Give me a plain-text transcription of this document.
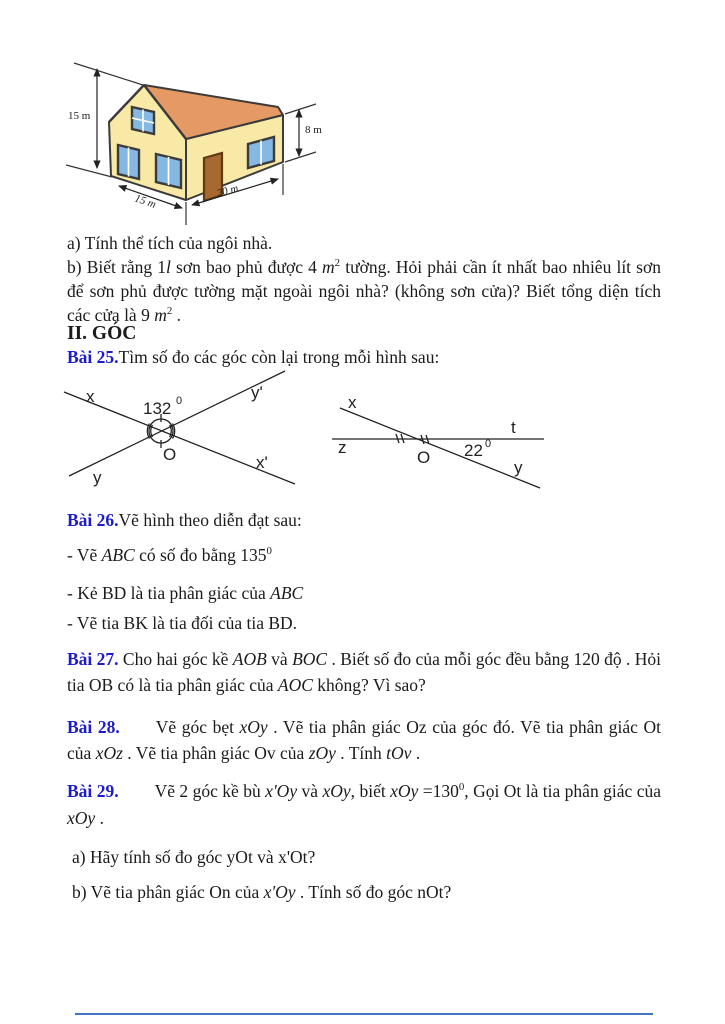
15 m
8 m
15 m
20 m
a) Tính thể tích của ngôi nhà.
b) Biết rằng 1l sơn bao phủ được 4 $m^2$ tường. Hỏi phải cần ít nhất bao nhiêu lít sơn để sơn phủ được tường mặt ngoài ngôi nhà? (không sơn cửa)? Biết tổng diện tích các cửa là 9 $m^2$ .
II. GÓC
Bài 25.Tìm số đo các góc còn lại trong mỗi hình sau:
x	y'
x'
y
O
132 0	x
z
t
y
O 22 0
Bài 26.Vẽ hình theo diễn đạt sau:
- Vẽ ABC có số đo bằng $135^0$
- Kẻ BD là tia phân giác của ABC
- Vẽ tia BK là tia đối của tia BD.
Bài 27. Cho hai góc kề AOB và BOC . Biết số đo của mỗi góc đều bằng 120 độ . Hỏi tia OB có là tia phân giác của AOC không? Vì sao?
Bài 28. Vẽ góc bẹt xOy . Vẽ tia phân giác Oz của góc đó. Vẽ tia phân giác Ot của xOz . Vẽ tia phân giác Ov của zOy . Tính tOv .
Bài 29. Vẽ 2 góc kề bù x'Oy và xOy, biết xOy $=130^0$, Gọi Ot là tia phân giác của xOy .
a) Hãy tính số đo góc yOt và x'Ot?
b) Vẽ tia phân giác On của x'Oy . Tính số đo góc nOt?
